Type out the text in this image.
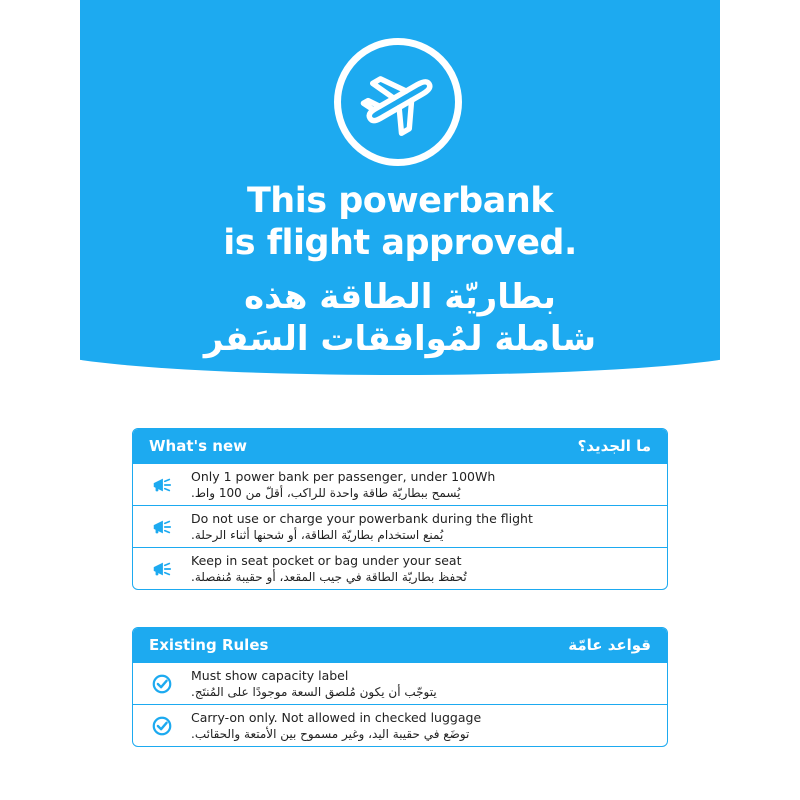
This powerbank
is flight approved.
بطاريّة الطاقة هذه
شاملة لمُوافقات السَفر
What's new	ما الجديد؟
Only 1 power bank per passenger, under 100Wh
يُسمح ببطاريّة طاقة واحدة للراكب، أقلّ من 100 واط.
Do not use or charge your powerbank during the flight
يُمنع استخدام بطاريّة الطاقة، أو شحنها أثناء الرحلة.
Keep in seat pocket or bag under your seat
تُحفظ بطاريّة الطاقة في جيب المقعد، أو حقيبة مُنفصلة.
Existing Rules	قواعد عامّة
Must show capacity label
يتوجّب أن يكون مُلصق السعة موجودًا على المُنتَج.
Carry-on only. Not allowed in checked luggage
توضَع في حقيبة اليد، وغير مسموح بين الأمتعة والحقائب.
